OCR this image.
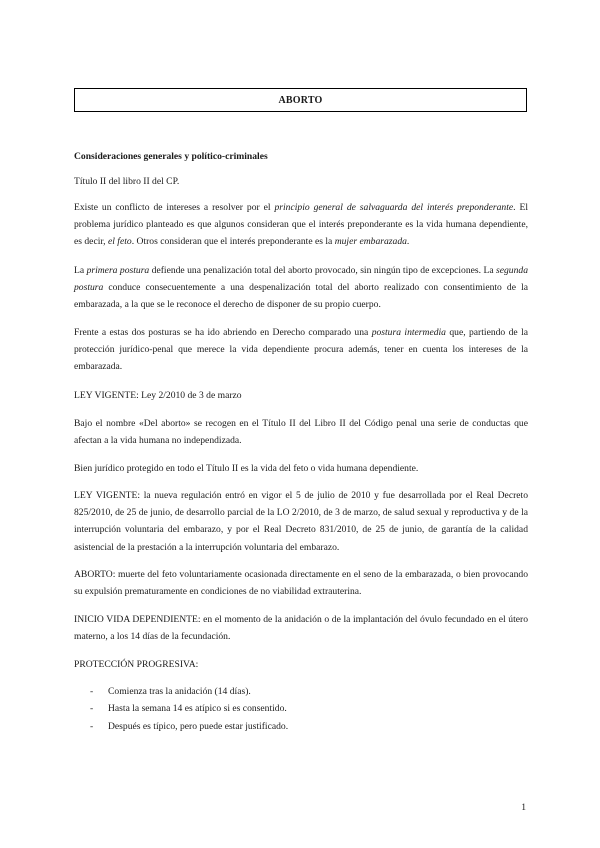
ABORTO
Consideraciones generales y político-criminales
Título II del libro II del CP.
Existe un conflicto de intereses a resolver por el principio general de salvaguarda del interés preponderante. El problema jurídico planteado es que algunos consideran que el interés preponderante es la vida humana dependiente, es decir, el feto. Otros consideran que el interés preponderante es la mujer embarazada.
La primera postura defiende una penalización total del aborto provocado, sin ningún tipo de excepciones. La segunda postura conduce consecuentemente a una despenalización total del aborto realizado con consentimiento de la embarazada, a la que se le reconoce el derecho de disponer de su propio cuerpo.
Frente a estas dos posturas se ha ido abriendo en Derecho comparado una postura intermedia que, partiendo de la protección jurídico-penal que merece la vida dependiente procura además, tener en cuenta los intereses de la embarazada.
LEY VIGENTE: Ley 2/2010 de 3 de marzo
Bajo el nombre «Del aborto» se recogen en el Título II del Libro II del Código penal una serie de conductas que afectan a la vida humana no independizada.
Bien jurídico protegido en todo el Título II es la vida del feto o vida humana dependiente.
LEY VIGENTE: la nueva regulación entró en vigor el 5 de julio de 2010 y fue desarrollada por el Real Decreto 825/2010, de 25 de junio, de desarrollo parcial de la LO 2/2010, de 3 de marzo, de salud sexual y reproductiva y de la interrupción voluntaria del embarazo, y por el Real Decreto 831/2010, de 25 de junio, de garantía de la calidad asistencial de la prestación a la interrupción voluntaria del embarazo.
ABORTO: muerte del feto voluntariamente ocasionada directamente en el seno de la embarazada, o bien provocando su expulsión prematuramente en condiciones de no viabilidad extrauterina.
INICIO VIDA DEPENDIENTE: en el momento de la anidación o de la implantación del óvulo fecundado en el útero materno, a los 14 días de la fecundación.
PROTECCIÓN PROGRESIVA:
-	Comienza tras la anidación (14 días).
-	Hasta la semana 14 es atípico si es consentido.
-	Después es típico, pero puede estar justificado.
1
